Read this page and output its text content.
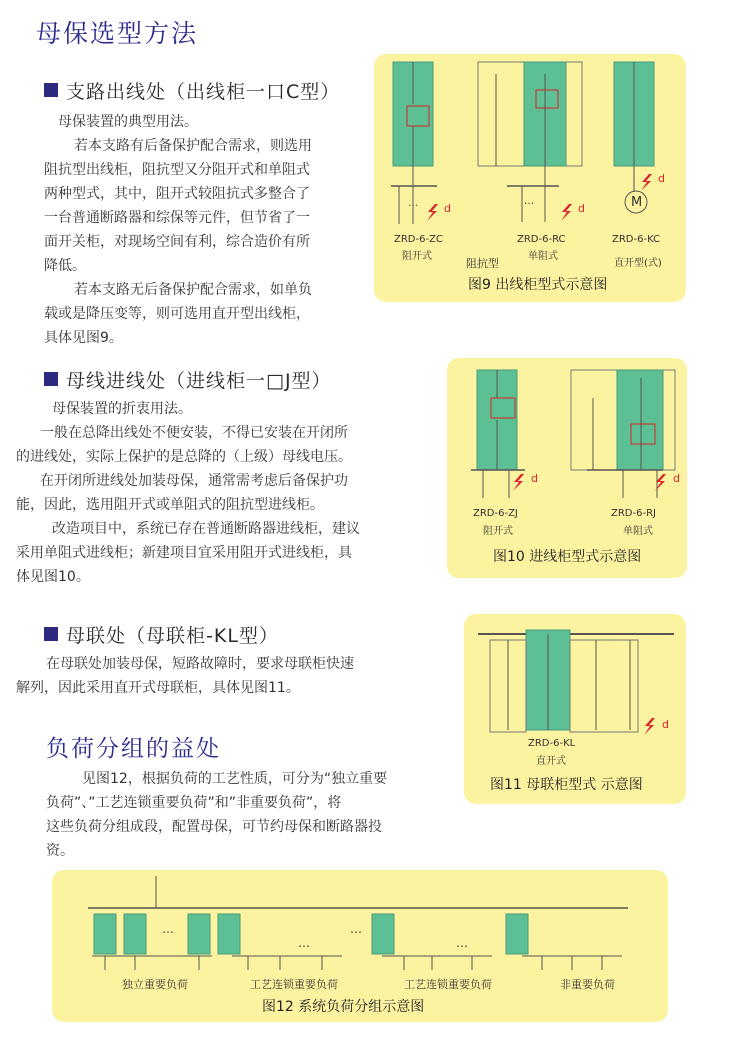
母保选型方法
支路出线处（出线柜一口C型）
母保装置的典型用法。
若本支路有后备保护配合需求，则选用
阻抗型出线柜，阻抗型又分阻开式和单阻式
两种型式，其中，阻开式较阻抗式多整合了
一台普通断路器和综保等元件，但节省了一
面开关柜，对现场空间有利，综合造价有所
降低。
若本支路无后备保护配合需求，如单负
载或是降压变等，则可选用直开型出线柜，
具体见图9。
…	…
d	d
d
M
ZRD-6-ZC
阻开式
ZRD-6-RC
单阻式
ZRD-6-KC
直开型(式)
阻抗型
图9 出线柜型式示意图
母线进线处（进线柜一□J型）
母保装置的折衷用法。
一般在总降出线处不便安装，不得已安装在开闭所
的进线处，实际上保护的是总降的（上级）母线电压。
在开闭所进线处加装母保，通常需考虑后备保护功
能，因此，选用阻开式或单阻式的阻抗型进线柜。
改造项目中，系统已存在普通断路器进线柜，建议
采用单阻式进线柜；新建项目宜采用阻开式进线柜，具
体见图10。
d	d
ZRD-6-ZJ
阻开式
ZRD-6-RJ
单阻式
图10 进线柜型式示意图
母联处（母联柜-KL型）
在母联处加装母保，短路故障时，要求母联柜快速
解列，因此采用直开式母联柜，具体见图11。
d
ZRD-6-KL
直开式
图11 母联柜型式 示意图
负荷分组的益处
见图12，根据负荷的工艺性质，可分为“独立重要
负荷”、”工艺连锁重要负荷”和”非重要负荷”，将
这些负荷分组成段，配置母保，可节约母保和断路器投
资。
…	…
…
…
独立重要负荷	工艺连锁重要负荷	工艺连锁重要负荷	非重要负荷
图12 系统负荷分组示意图
